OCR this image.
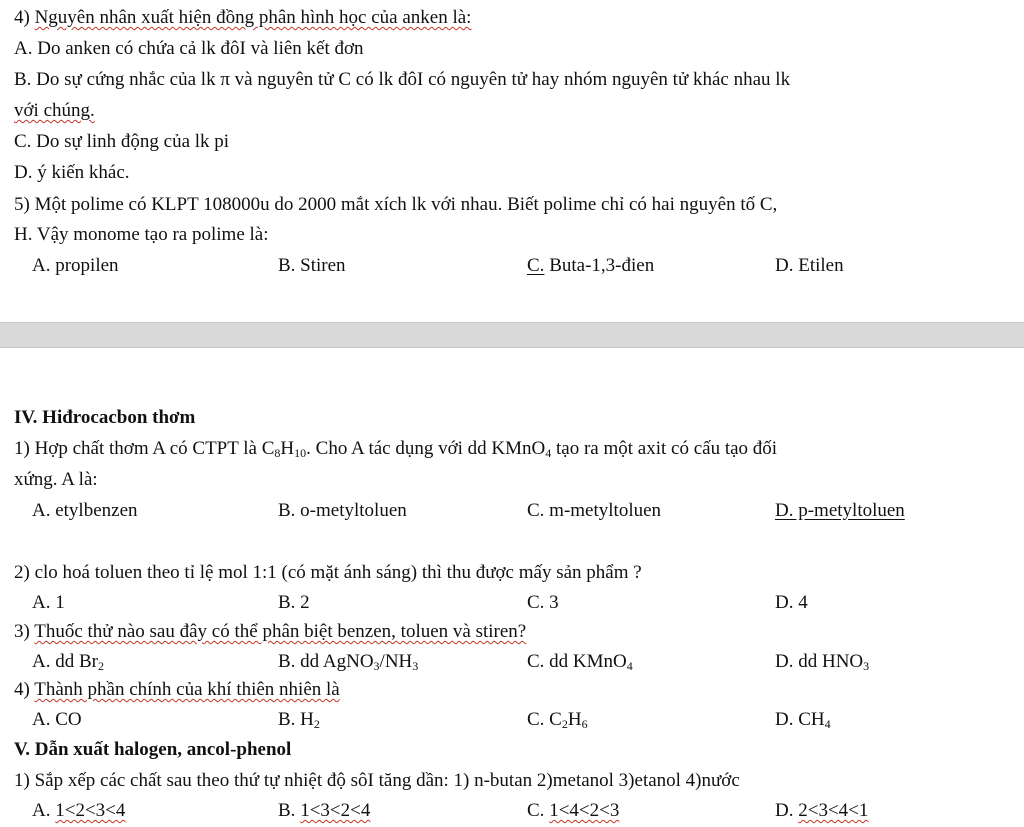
4) Nguyên nhân xuất hiện đồng phân hình học của anken là:
A. Do anken có chứa cả lk đôI và liên kết đơn
B. Do sự cứng nhắc của lk π và nguyên tử C có lk đôI có nguyên tử hay nhóm nguyên tử khác nhau lk
với chúng.
C. Do sự linh động của lk pi
D. ý kiến khác.
5) Một polime có KLPT 108000u do 2000 mắt xích lk với nhau. Biết polime chỉ có hai nguyên tố C,
H. Vậy monome tạo ra polime là:
A. propilen	B. Stiren	C. Buta-1,3-đien	D. Etilen
IV. Hiđrocacbon thơm
1) Hợp chất thơm A có CTPT là $C_8H_{10}$. Cho A tác dụng với dd KMnO$_4$ tạo ra một axit có cấu tạo đối
xứng. A là:
A. etylbenzen	B. o-metyltoluen	C. m-metyltoluen	D. p-metyltoluen
2) clo hoá toluen theo tỉ lệ mol 1:1 (có mặt ánh sáng) thì thu được mấy sản phẩm ?
A. 1	B. 2	C. 3	D. 4
3) Thuốc thử nào sau đây có thể phân biệt benzen, toluen và stiren?
A. dd $Br_2$	B. dd $AgNO_3/NH_3$	C. dd KMnO$_4$	D. dd $HNO_3$
4) Thành phần chính của khí thiên nhiên là
A. CO	B. $H_2$	C. $C_2H_6$	D. $CH_4$
V. Dẫn xuất halogen, ancol-phenol
1) Sắp xếp các chất sau theo thứ tự nhiệt độ sôI tăng dần: 1) n-butan 2)metanol 3)etanol 4)nước
A. 1<2<3<4	B. 1<3<2<4	C. 1<4<2<3	D. 2<3<4<1
